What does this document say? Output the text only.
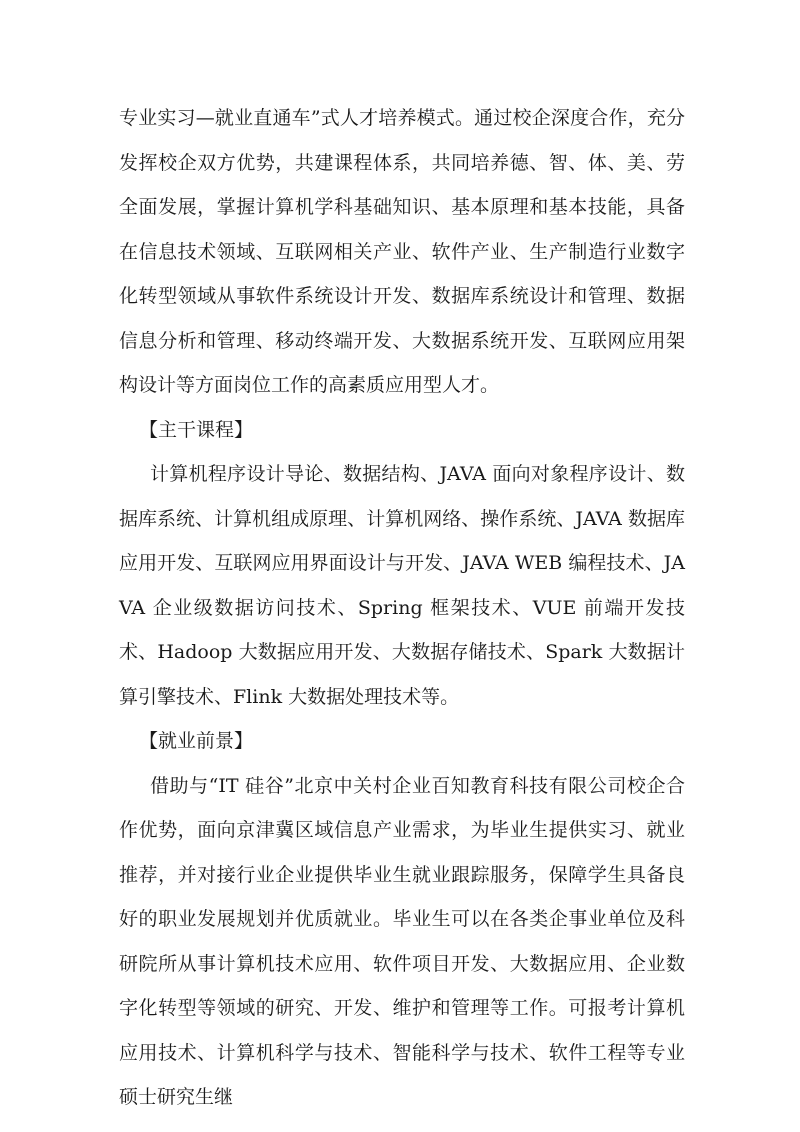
专业实习—就业直通车”式人才培养模式。通过校企深度合作，充分发挥校企双方优势，共建课程体系，共同培养德、智、体、美、劳全面发展，掌握计算机学科基础知识、基本原理和基本技能，具备在信息技术领域、互联网相关产业、软件产业、生产制造行业数字化转型领域从事软件系统设计开发、数据库系统设计和管理、数据信息分析和管理、移动终端开发、大数据系统开发、互联网应用架构设计等方面岗位工作的高素质应用型人才。

【主干课程】

计算机程序设计导论、数据结构、JAVA 面向对象程序设计、数据库系统、计算机组成原理、计算机网络、操作系统、JAVA 数据库应用开发、互联网应用界面设计与开发、JAVA WEB 编程技术、JAVA 企业级数据访问技术、Spring 框架技术、VUE 前端开发技术、Hadoop 大数据应用开发、大数据存储技术、Spark 大数据计算引擎技术、Flink 大数据处理技术等。

【就业前景】

借助与“IT 硅谷”北京中关村企业百知教育科技有限公司校企合作优势，面向京津冀区域信息产业需求，为毕业生提供实习、就业推荐，并对接行业企业提供毕业生就业跟踪服务，保障学生具备良好的职业发展规划并优质就业。毕业生可以在各类企事业单位及科研院所从事计算机技术应用、软件项目开发、大数据应用、企业数字化转型等领域的研究、开发、维护和管理等工作。可报考计算机应用技术、计算机科学与技术、智能科学与技术、软件工程等专业硕士研究生继
